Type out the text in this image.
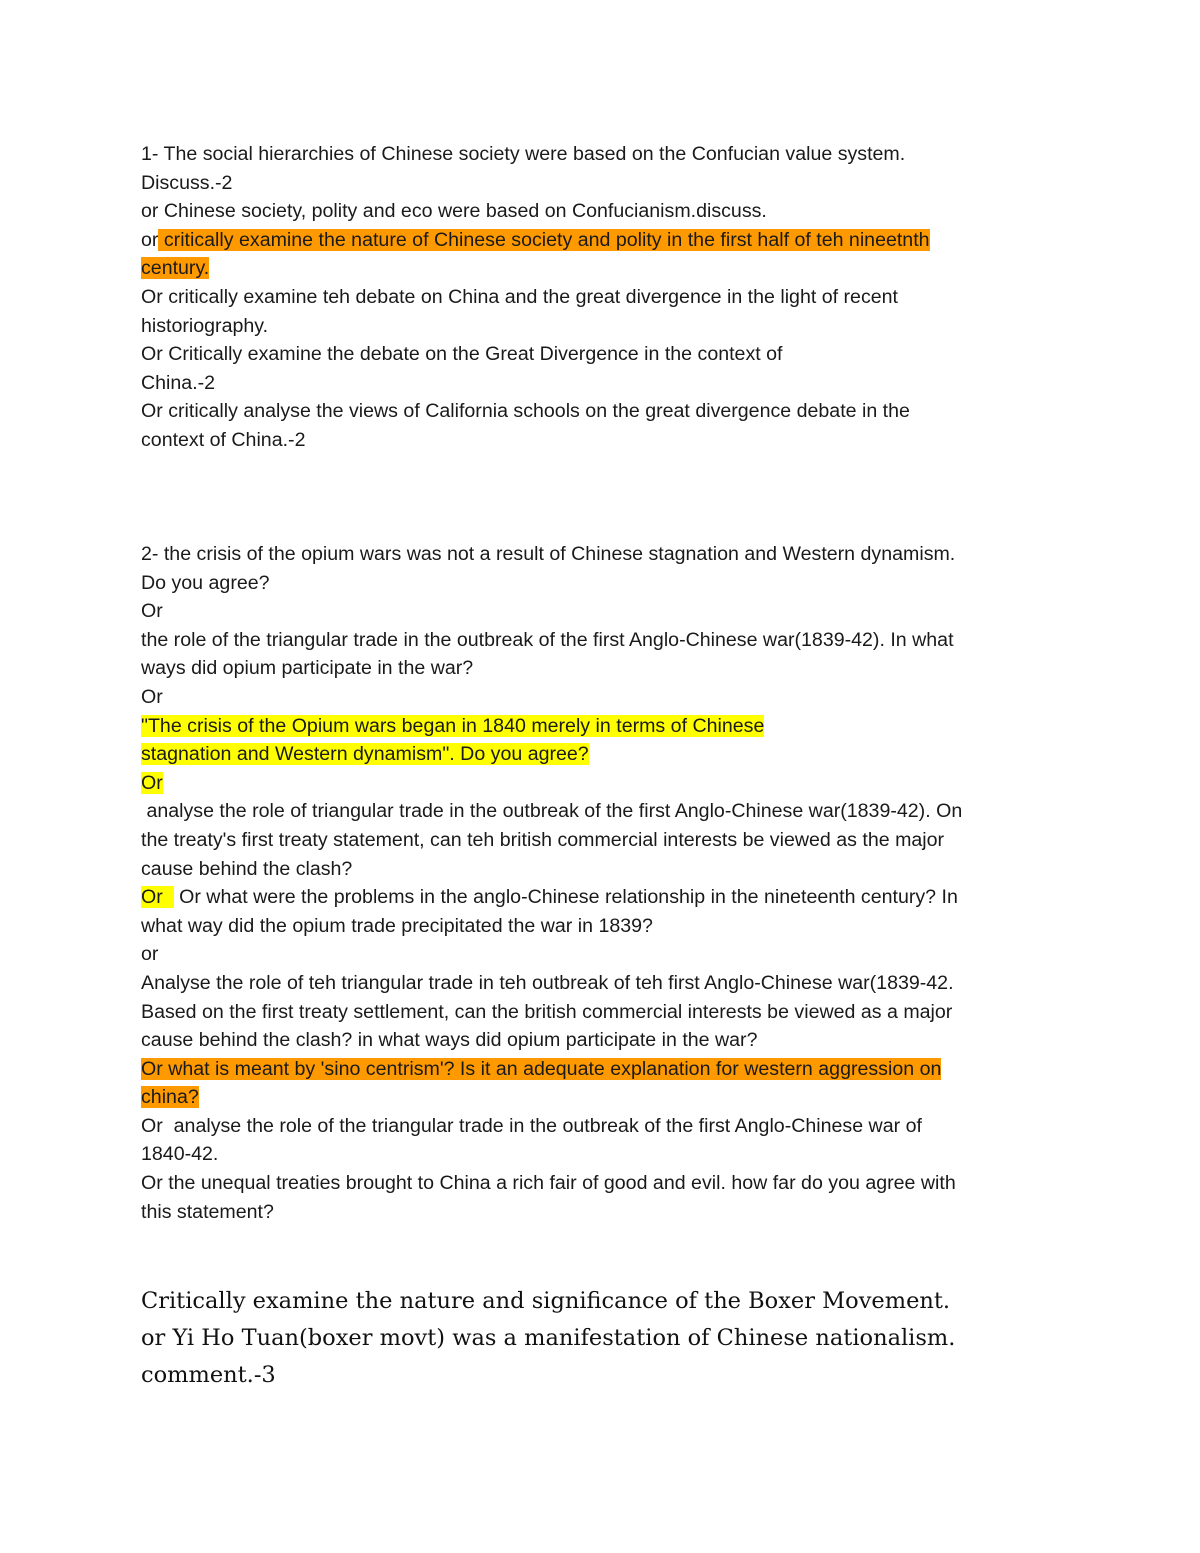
1- The social hierarchies of Chinese society were based on the Confucian value system.
Discuss.-2
or Chinese society, polity and eco were based on Confucianism.discuss.
or critically examine the nature of Chinese society and polity in the first half of teh nineetnth
century.
Or critically examine teh debate on China and the great divergence in the light of recent
historiography.
Or Critically examine the debate on the Great Divergence in the context of
China.-2
Or critically analyse the views of California schools on the great divergence debate in the
context of China.-2
2- the crisis of the opium wars was not a result of Chinese stagnation and Western dynamism.
Do you agree?
Or
the role of the triangular trade in the outbreak of the first Anglo-Chinese war(1839-42). In what
ways did opium participate in the war?
Or
"The crisis of the Opium wars began in 1840 merely in terms of Chinese
stagnation and Western dynamism". Do you agree?
Or
analyse the role of triangular trade in the outbreak of the first Anglo-Chinese war(1839-42). On
the treaty's first treaty statement, can teh british commercial interests be viewed as the major
cause behind the clash?
Or   Or what were the problems in the anglo-Chinese relationship in the nineteenth century? In
what way did the opium trade precipitated the war in 1839?
or
Analyse the role of teh triangular trade in teh outbreak of teh first Anglo-Chinese war(1839-42.
Based on the first treaty settlement, can the british commercial interests be viewed as a major
cause behind the clash? in what ways did opium participate in the war?
Or what is meant by 'sino centrism'? Is it an adequate explanation for western aggression on
china?
Or  analyse the role of the triangular trade in the outbreak of the first Anglo-Chinese war of
1840-42.
Or the unequal treaties brought to China a rich fair of good and evil. how far do you agree with
this statement?
Critically examine the nature and significance of the Boxer Movement.
or Yi Ho Tuan(boxer movt) was a manifestation of Chinese nationalism.
comment.-3
